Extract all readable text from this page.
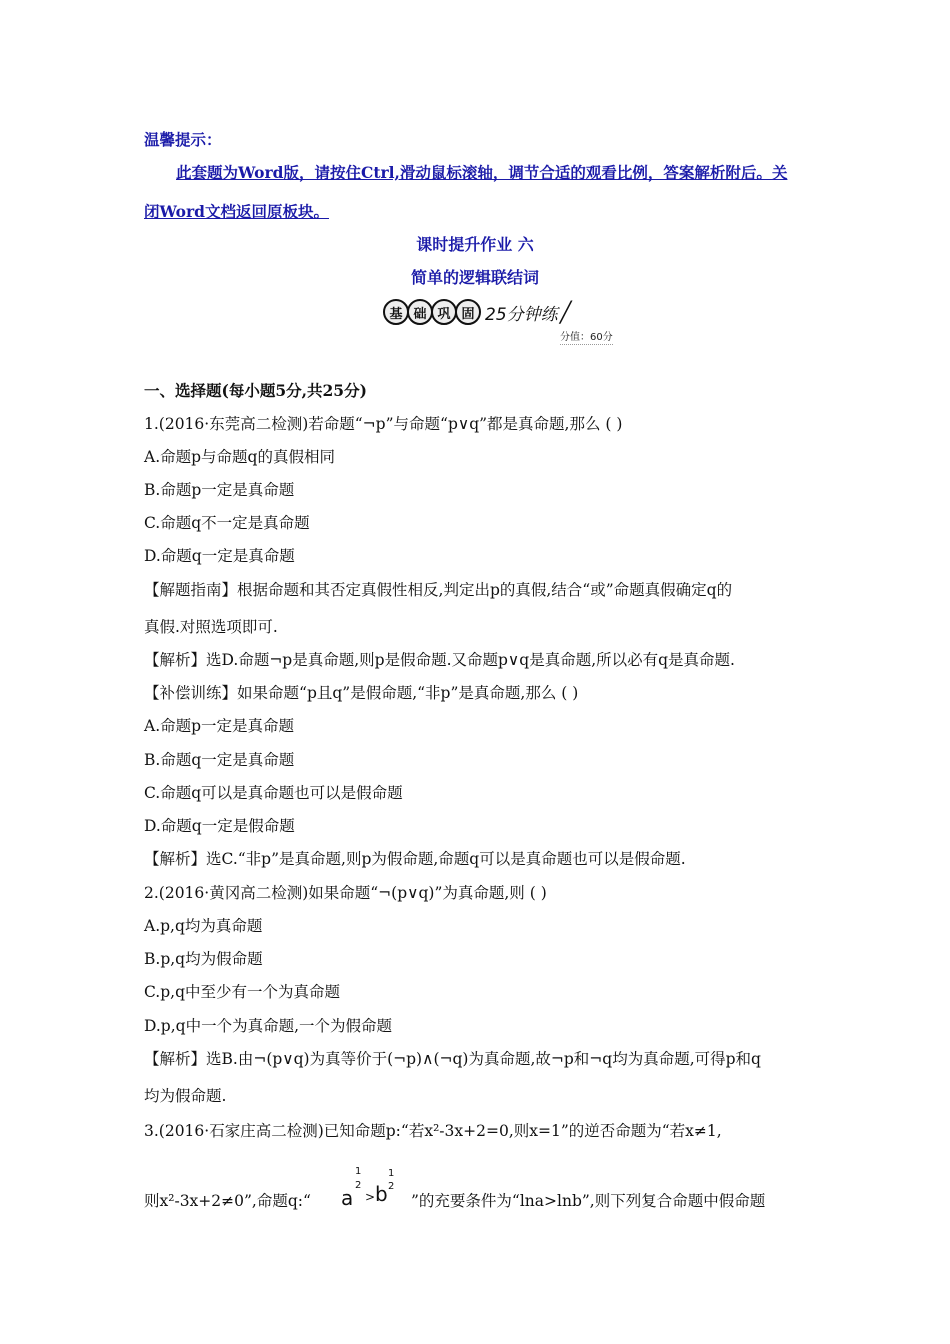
温馨提示：
此套题为Word版，请按住Ctrl,滑动鼠标滚轴，调节合适的观看比例，答案解析附后。关
闭Word文档返回原板块。
课时提升作业 六
简单的逻辑联结词
基 础 巩 固 25分钟练 ╱
分值：60分
一、选择题(每小题5分,共25分)
1.(2016·东莞高二检测)若命题“¬p”与命题“p∨q”都是真命题,那么 ( )
A.命题p与命题q的真假相同
B.命题p一定是真命题
C.命题q不一定是真命题
D.命题q一定是真命题
【解题指南】根据命题和其否定真假性相反,判定出p的真假,结合“或”命题真假确定q的
真假.对照选项即可.
【解析】选D.命题¬p是真命题,则p是假命题.又命题p∨q是真命题,所以必有q是真命题.
【补偿训练】如果命题“p且q”是假命题,“非p”是真命题,那么 ( )
A.命题p一定是真命题
B.命题q一定是真命题
C.命题q可以是真命题也可以是假命题
D.命题q一定是假命题
【解析】选C.“非p”是真命题,则p为假命题,命题q可以是真命题也可以是假命题.
2.(2016·黄冈高二检测)如果命题“¬(p∨q)”为真命题,则 ( )
A.p,q均为真命题
B.p,q均为假命题
C.p,q中至少有一个为真命题
D.p,q中一个为真命题,一个为假命题
【解析】选B.由¬(p∨q)为真等价于(¬p)∧(¬q)为真命题,故¬p和¬q均为真命题,可得p和q
均为假命题.
3.(2016·石家庄高二检测)已知命题p:“若x²-3x+2=0,则x=1”的逆否命题为“若x≠1,
则x²-3x+2≠0”,命题q:“ a
1
2
> b
1
2
”的充要条件为“lna>lnb”,则下列复合命题中假命题
